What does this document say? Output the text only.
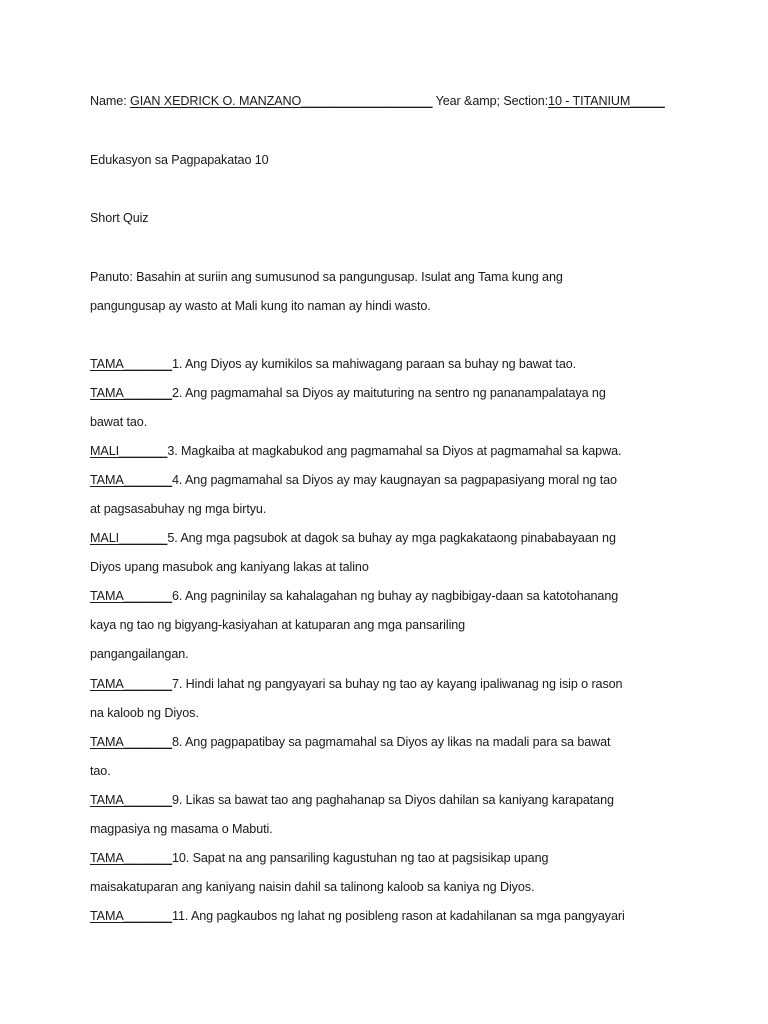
Name: GIAN XEDRICK O. MANZANO___________________ Year &amp; Section:10 - TITANIUM_____
Edukasyon sa Pagpapakatao 10
Short Quiz
Panuto: Basahin at suriin ang sumusunod sa pangungusap. Isulat ang Tama kung ang
pangungusap ay wasto at Mali kung ito naman ay hindi wasto.
TAMA_______1. Ang Diyos ay kumikilos sa mahiwagang paraan sa buhay ng bawat tao.
TAMA_______2. Ang pagmamahal sa Diyos ay maituturing na sentro ng pananampalataya ng
bawat tao.
MALI_______3. Magkaiba at magkabukod ang pagmamahal sa Diyos at pagmamahal sa kapwa.
TAMA_______4. Ang pagmamahal sa Diyos ay may kaugnayan sa pagpapasiyang moral ng tao
at pagsasabuhay ng mga birtyu.
MALI_______5. Ang mga pagsubok at dagok sa buhay ay mga pagkakataong pinababayaan ng
Diyos upang masubok ang kaniyang lakas at talino
TAMA_______6. Ang pagninilay sa kahalagahan ng buhay ay nagbibigay-daan sa katotohanang
kaya ng tao ng bigyang-kasiyahan at katuparan ang mga pansariling
pangangailangan.
TAMA_______7. Hindi lahat ng pangyayari sa buhay ng tao ay kayang ipaliwanag ng isip o rason
na kaloob ng Diyos.
TAMA_______8. Ang pagpapatibay sa pagmamahal sa Diyos ay likas na madali para sa bawat
tao.
TAMA_______9. Likas sa bawat tao ang paghahanap sa Diyos dahilan sa kaniyang karapatang
magpasiya ng masama o Mabuti.
TAMA_______10. Sapat na ang pansariling kagustuhan ng tao at pagsisikap upang
maisakatuparan ang kaniyang naisin dahil sa talinong kaloob sa kaniya ng Diyos.
TAMA_______11. Ang pagkaubos ng lahat ng posibleng rason at kadahilanan sa mga pangyayari
